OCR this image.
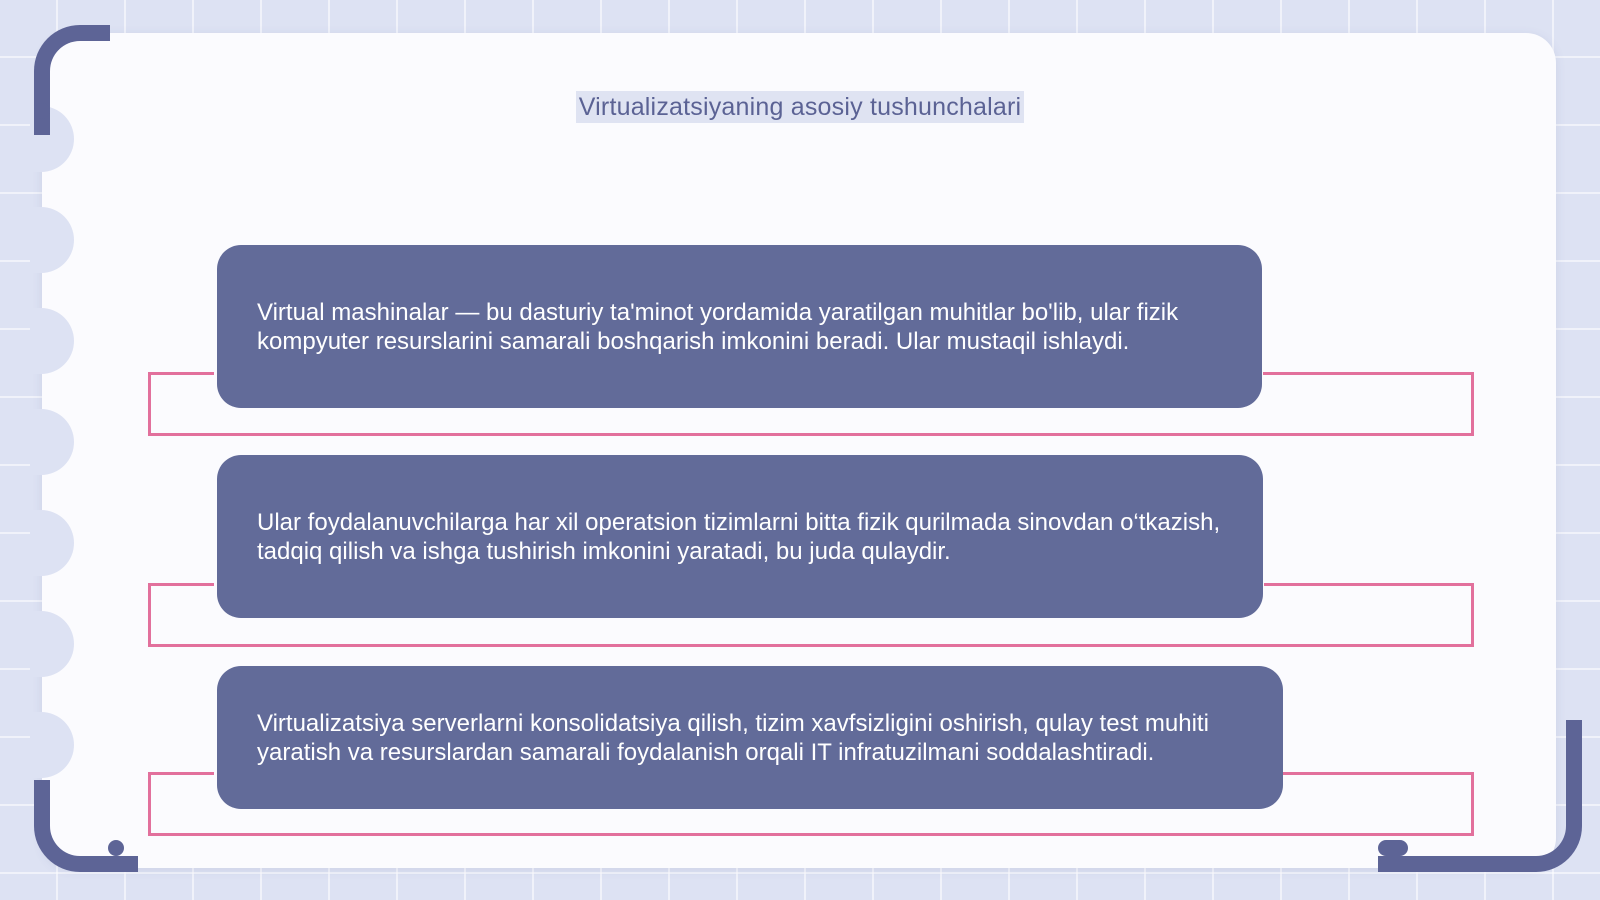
Virtualizatsiyaning asosiy tushunchalari

Virtual mashinalar — bu dasturiy ta'minot yordamida yaratilgan muhitlar bo'lib, ular fizik kompyuter resurslarini samarali boshqarish imkonini beradi. Ular mustaqil ishlaydi.

Ular foydalanuvchilarga har xil operatsion tizimlarni bitta fizik qurilmada sinovdan o‘tkazish, tadqiq qilish va ishga tushirish imkonini yaratadi, bu juda qulaydir.

Virtualizatsiya serverlarni konsolidatsiya qilish, tizim xavfsizligini oshirish, qulay test muhiti yaratish va resurslardan samarali foydalanish orqali IT infratuzilmani soddalashtiradi.
